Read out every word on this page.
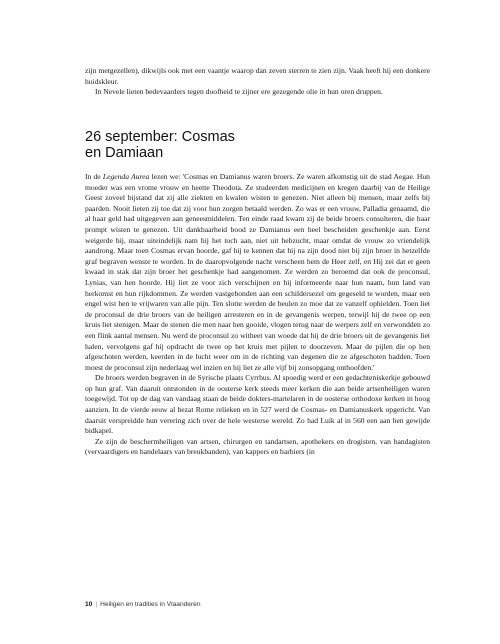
zijn metgezellen), dikwijls ook met een vaantje waarop dan zeven sterren te zien zijn. Vaak heeft hij een donkere huidskleur.

In Nevele lieten bedevaarders tegen doofheid te zijner ere gezegende olie in hun oren druppen.

26 september: Cosmas
en Damiaan

In de Legenda Aurea lezen we: 'Cosmas en Damianus waren broers. Ze waren afkomstig uit de stad Aegae. Hun moeder was een vrome vrouw en heette Theodota. Ze studeerden medicijnen en kregen daarbij van de Heilige Geest zoveel bijstand dat zij alle ziekten en kwalen wisten te genezen. Niet alleen bij mensen, maar zelfs bij paarden. Nooit lieten zij toe dat zij voor hun zorgen betaald werden. Zo was er een vrouw, Palladia genaamd, die al haar geld had uitgegeven aan geneesmiddelen. Ten einde raad kwam zij de beide broers consulteren, die haar prompt wisten te genezen. Uit dankbaarheid bood ze Damianus een heel bescheiden geschenkje aan. Eerst weigerde hij, maar uiteindelijk nam hij het toch aan, niet uit hebzucht, maar omdat de vrouw zo vriendelijk aandrong. Maar toen Cosmas ervan hoorde, gaf hij te kennen dat hij na zijn dood niet bij zijn broer in hetzelfde graf begraven wenste te worden. In de daaropvolgende nacht verscheen hem de Heer zelf, en Hij zei dat er geen kwaad in stak dat zijn broer het geschenkje had aangenomen. Ze werden zo beroemd dat ook de proconsul, Lynias, van hen hoorde. Hij liet ze voor zich verschijnen en hij informeerde naar hun naam, hun land van herkomst en hun rijkdommen. Ze werden vastgebonden aan een schildersezel om gegeseld te worden, maar een engel wist hen te vrijwaren van alle pijn. Ten slotte werden de beulen zo moe dat ze vanzelf ophielden. Toen liet de proconsul de drie broers van de heiligen arresteren en in de gevangenis werpen, terwijl hij de twee op een kruis liet stenigen. Maar de stenen die men naar hen gooide, vlogen terug naar de werpers zelf en verwondden zo een flink aantal mensen. Nu werd de proconsul zo witheet van woede dat hij de drie broers uit de gevangenis liet halen, vervolgens gaf hij opdracht de twee op het kruis met pijlen te doorzeven. Maar de pijlen die op hen afgeschoten werden, keerden in de lucht weer om in de richting van degenen die ze afgeschoten hadden. Toen moest de proconsul zijn nederlaag wel inzien en hij liet ze alle vijf bij zonsopgang onthoofden.'

De broers werden begraven in de Syrische plaats Cyrrhus. Al spoedig werd er een gedachteniskerkje gebouwd op hun graf. Van daaruit ontstonden in de oosterse kerk steeds meer kerken die aan beide artsenheiligen waren toegewijd. Tot op de dag van vandaag staan de beide dokters-martelaren in de oosterse orthodoxe kerken in hoog aanzien. In de vierde eeuw al bezat Rome relieken en in 527 werd de Cosmas- en Damianuskerk opgericht. Van daaruit verspreidde hun verering zich over de hele westerse wereld. Zo had Luik al in 560 een aan hen gewijde bidkapel.

Ze zijn de beschermheiligen van artsen, chirurgen en tandartsen, apothekers en drogisten, van bandagisten (vervaardigers en handelaars van breukbanden), van kappers en barbiers (in

10 | Heiligen en tradities in Vlaanderen
